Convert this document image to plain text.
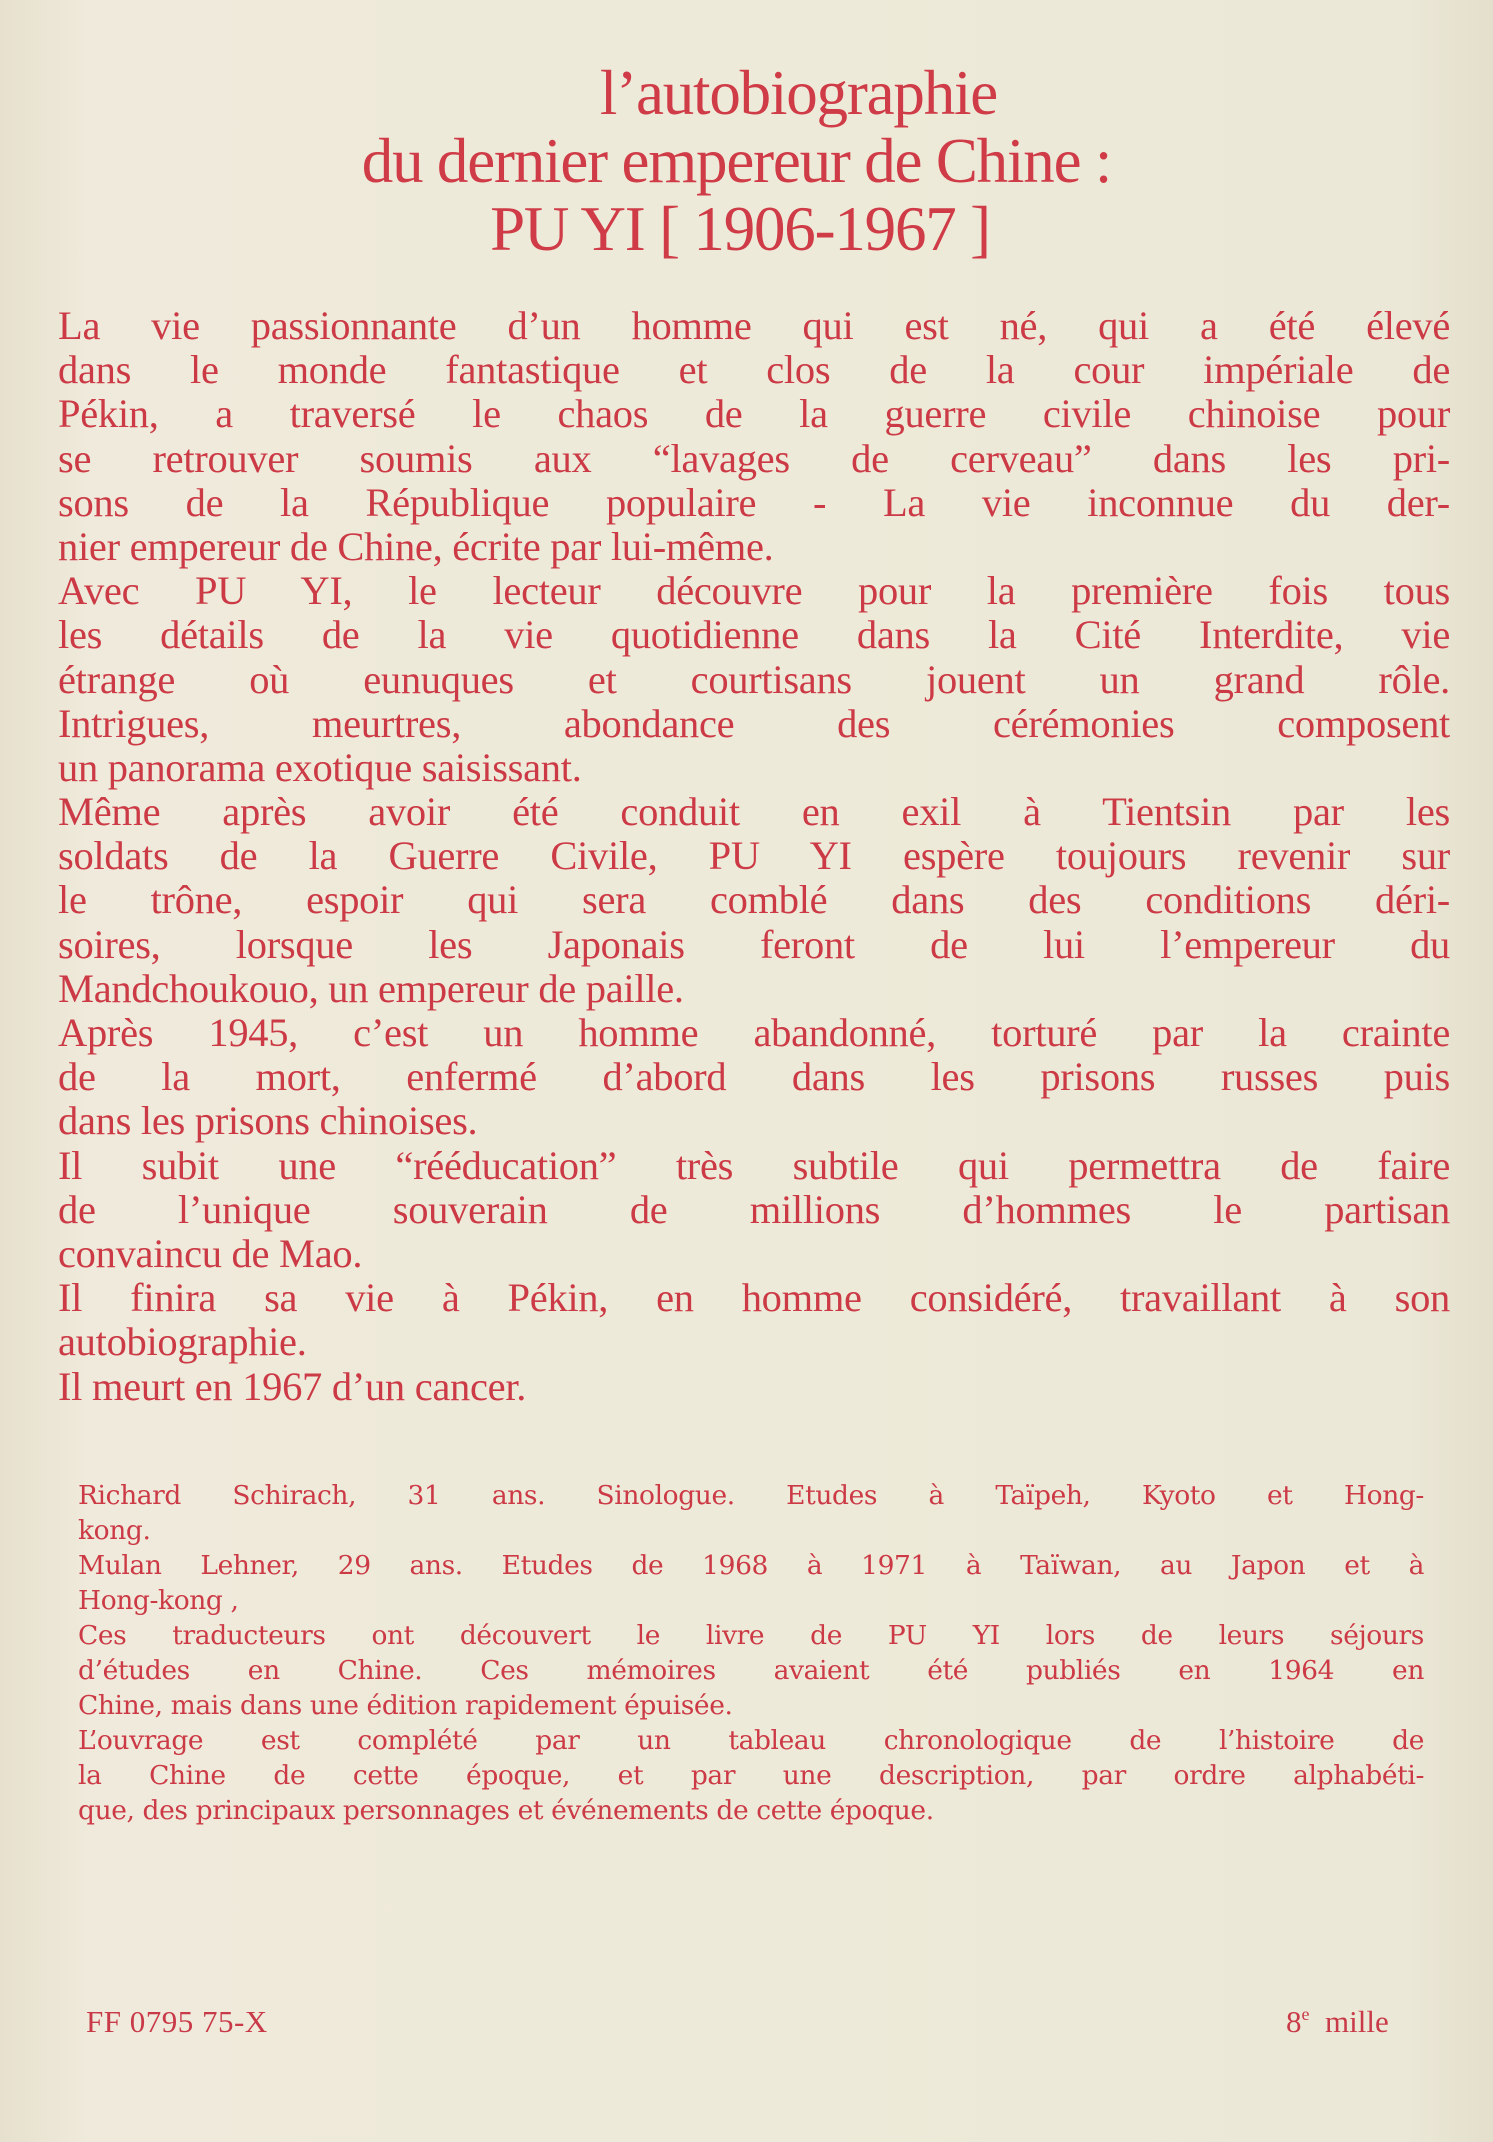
l’autobiographie
du dernier empereur de Chine :
PU YI [ 1906-1967 ]
La vie passionnante d’un homme qui est né, qui a été élevé
dans le monde fantastique et clos de la cour impériale de
Pékin, a traversé le chaos de la guerre civile chinoise pour
se retrouver soumis aux “lavages de cerveau” dans les pri-
sons de la République populaire - La vie inconnue du der-
nier empereur de Chine, écrite par lui-même.
Avec PU YI, le lecteur découvre pour la première fois tous
les détails de la vie quotidienne dans la Cité Interdite, vie
étrange où eunuques et courtisans jouent un grand rôle.
Intrigues, meurtres, abondance des cérémonies composent
un panorama exotique saisissant.
Même après avoir été conduit en exil à Tientsin par les
soldats de la Guerre Civile, PU YI espère toujours revenir sur
le trône, espoir qui sera comblé dans des conditions déri-
soires, lorsque les Japonais feront de lui l’empereur du
Mandchoukouo, un empereur de paille.
Après 1945, c’est un homme abandonné, torturé par la crainte
de la mort, enfermé d’abord dans les prisons russes puis
dans les prisons chinoises.
Il subit une “rééducation” très subtile qui permettra de faire
de l’unique souverain de millions d’hommes le partisan
convaincu de Mao.
Il finira sa vie à Pékin, en homme considéré, travaillant à son
autobiographie.
Il meurt en 1967 d’un cancer.
Richard Schirach, 31 ans. Sinologue. Etudes à Taïpeh, Kyoto et Hong-
kong.
Mulan Lehner, 29 ans. Etudes de 1968 à 1971 à Taïwan, au Japon et à
Hong-kong ,
Ces traducteurs ont découvert le livre de PU YI lors de leurs séjours
d’études en Chine. Ces mémoires avaient été publiés en 1964 en
Chine, mais dans une édition rapidement épuisée.
L’ouvrage est complété par un tableau chronologique de l’histoire de
la Chine de cette époque, et par une description, par ordre alphabéti-
que, des principaux personnages et événements de cette époque.
FF 0795 75-X	8e mille
